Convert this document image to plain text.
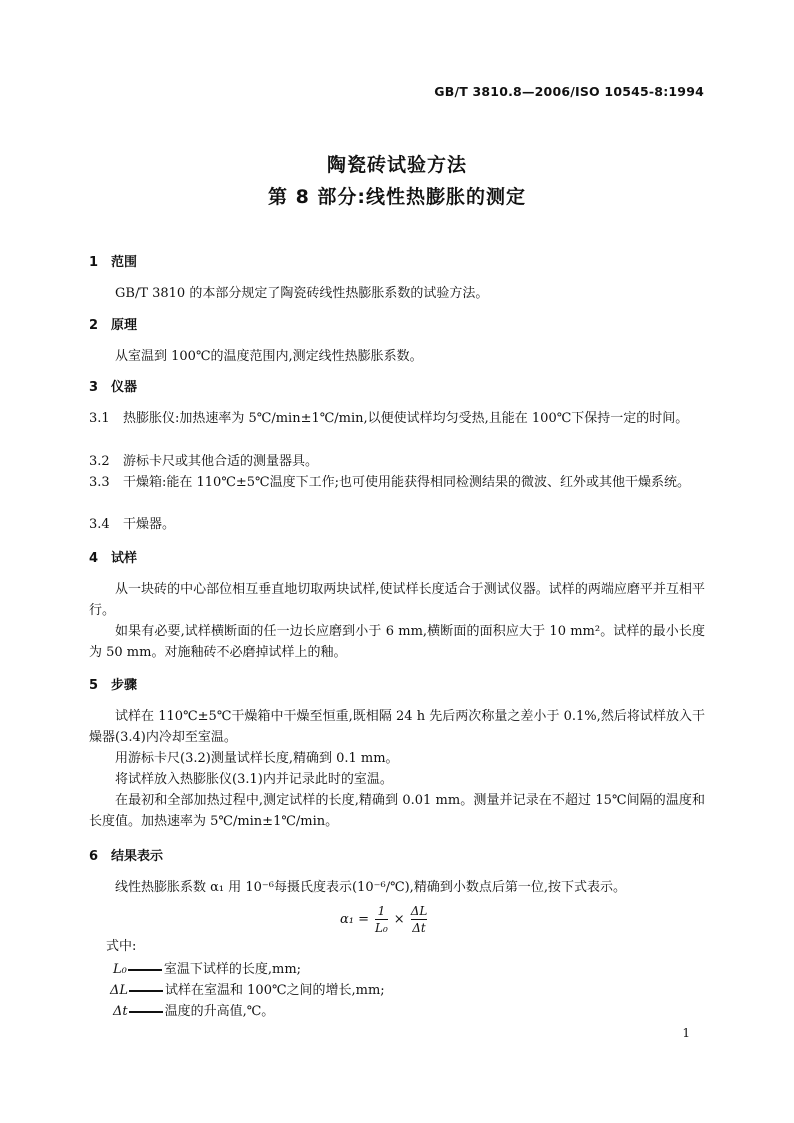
GB/T 3810.8—2006/ISO 10545-8:1994
陶瓷砖试验方法
第 8 部分:线性热膨胀的测定
1 范围

GB/T 3810 的本部分规定了陶瓷砖线性热膨胀系数的试验方法。

2 原理

从室温到 100℃的温度范围内,测定线性热膨胀系数。

3 仪器

3.1 热膨胀仪:加热速率为 5℃/min±1℃/min,以便使试样均匀受热,且能在 100℃下保持一定的时间。

3.2 游标卡尺或其他合适的测量器具。

3.3 干燥箱:能在 110℃±5℃温度下工作;也可使用能获得相同检测结果的微波、红外或其他干燥系统。

3.4 干燥器。

4 试样

从一块砖的中心部位相互垂直地切取两块试样,使试样长度适合于测试仪器。试样的两端应磨平并互相平行。

如果有必要,试样横断面的任一边长应磨到小于 6 mm,横断面的面积应大于 10 mm²。试样的最小长度为 50 mm。对施釉砖不必磨掉试样上的釉。

5 步骤

试样在 110℃±5℃干燥箱中干燥至恒重,既相隔 24 h 先后两次称量之差小于 0.1%,然后将试样放入干燥器(3.4)内冷却至室温。

用游标卡尺(3.2)测量试样长度,精确到 0.1 mm。

将试样放入热膨胀仪(3.1)内并记录此时的室温。

在最初和全部加热过程中,测定试样的长度,精确到 0.01 mm。测量并记录在不超过 15℃间隔的温度和长度值。加热速率为 5℃/min±1℃/min。

6 结果表示

线性热膨胀系数 α₁ 用 10⁻⁶每摄氏度表示(10⁻⁶/℃),精确到小数点后第一位,按下式表示。

$\alpha_1 = \frac{1}{\text{L₀}} \times \frac{\Delta L}{\Delta t}$

式中:

L₀	室温下试样的长度,mm;

ΔL	试样在室温和 100℃之间的增长,mm;

Δt	温度的升高值,℃。

1
